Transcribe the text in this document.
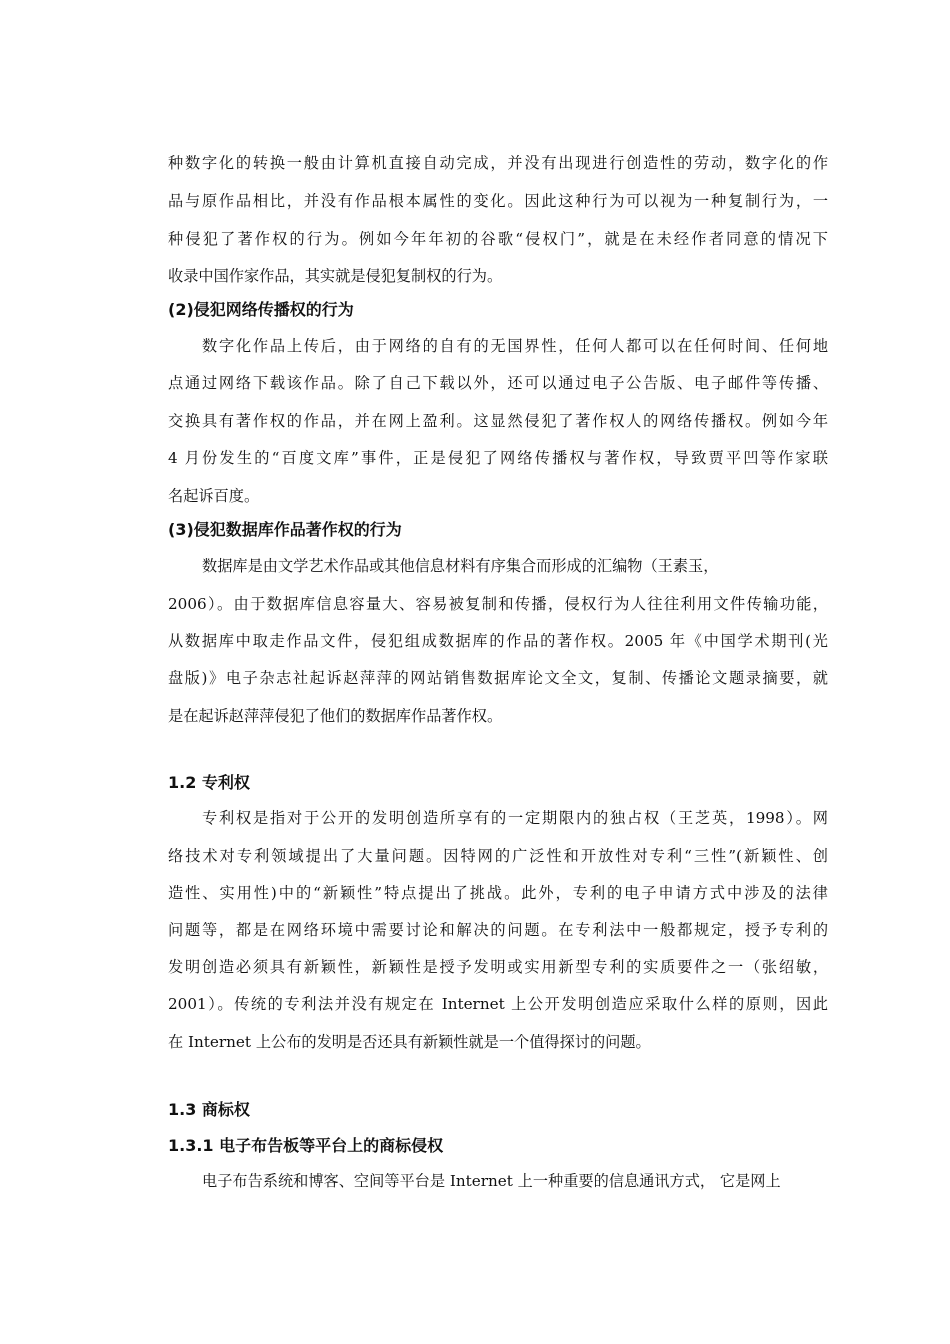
种数字化的转换一般由计算机直接自动完成，并没有出现进行创造性的劳动，数字化的作
品与原作品相比，并没有作品根本属性的变化。因此这种行为可以视为一种复制行为，一
种侵犯了著作权的行为。例如今年年初的谷歌“侵权门”，就是在未经作者同意的情况下
收录中国作家作品，其实就是侵犯复制权的行为。
(2)侵犯网络传播权的行为
数字化作品上传后，由于网络的自有的无国界性，任何人都可以在任何时间、任何地
点通过网络下载该作品。除了自己下载以外，还可以通过电子公告版、电子邮件等传播、
交换具有著作权的作品，并在网上盈利。这显然侵犯了著作权人的网络传播权。例如今年
4 月份发生的“百度文库”事件，正是侵犯了网络传播权与著作权，导致贾平凹等作家联
名起诉百度。
(3)侵犯数据库作品著作权的行为
数据库是由文学艺术作品或其他信息材料有序集合而形成的汇编物（王素玉，
2006）。由于数据库信息容量大、容易被复制和传播，侵权行为人往往利用文件传输功能，
从数据库中取走作品文件，侵犯组成数据库的作品的著作权。2005 年《中国学术期刊(光
盘版)》电子杂志社起诉赵萍萍的网站销售数据库论文全文，复制、传播论文题录摘要，就
是在起诉赵萍萍侵犯了他们的数据库作品著作权。
1.2 专利权
专利权是指对于公开的发明创造所享有的一定期限内的独占权（王芝英，1998）。网
络技术对专利领域提出了大量问题。因特网的广泛性和开放性对专利“三性”(新颖性、创
造性、实用性)中的“新颖性”特点提出了挑战。此外，专利的电子申请方式中涉及的法律
问题等，都是在网络环境中需要讨论和解决的问题。在专利法中一般都规定，授予专利的
发明创造必须具有新颖性，新颖性是授予发明或实用新型专利的实质要件之一（张绍敏，
2001）。传统的专利法并没有规定在 Internet 上公开发明创造应采取什么样的原则，因此
在 Internet 上公布的发明是否还具有新颖性就是一个值得探讨的问题。
1.3 商标权
1.3.1 电子布告板等平台上的商标侵权
电子布告系统和博客、空间等平台是 Internet 上一种重要的信息通讯方式， 它是网上
